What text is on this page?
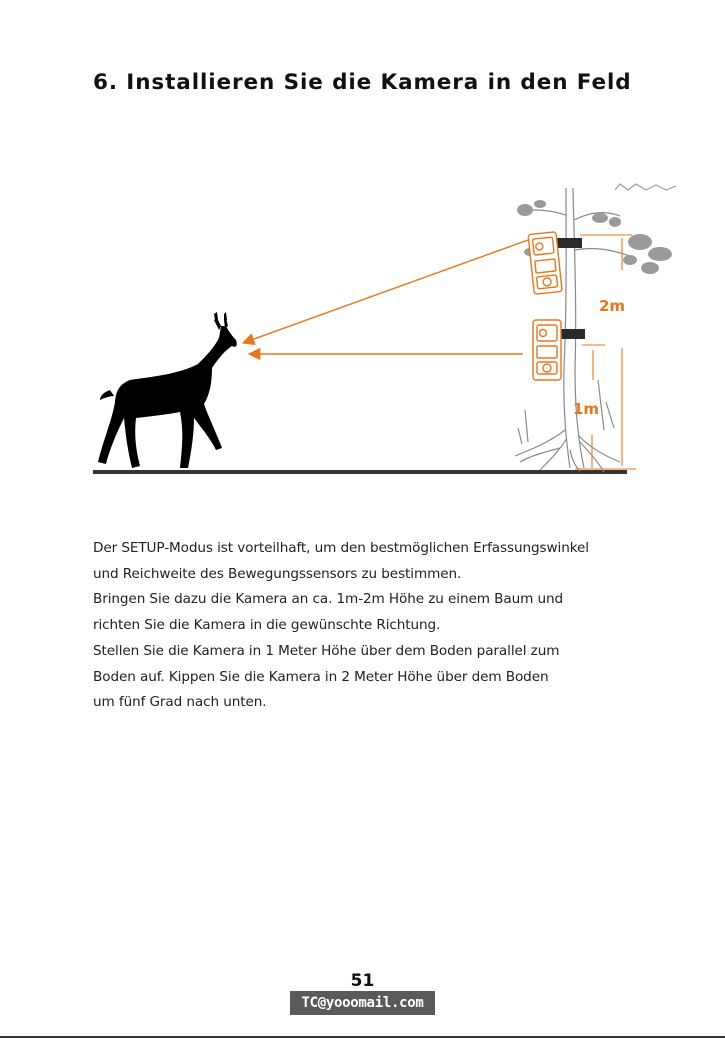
6. Installieren Sie die Kamera in den Feld
2m
1m

Der SETUP-Modus ist vorteilhaft, um den bestmöglichen Erfassungswinkel

und Reichweite des Bewegungssensors zu bestimmen.

Bringen Sie dazu die Kamera an ca. 1m-2m Höhe zu einem Baum und

richten Sie die Kamera in die gewünschte Richtung.

Stellen Sie die Kamera in 1 Meter Höhe über dem Boden parallel zum

Boden auf. Kippen Sie die Kamera in 2 Meter Höhe über dem Boden

um fünf Grad nach unten.

51
TC@yooomail.com
